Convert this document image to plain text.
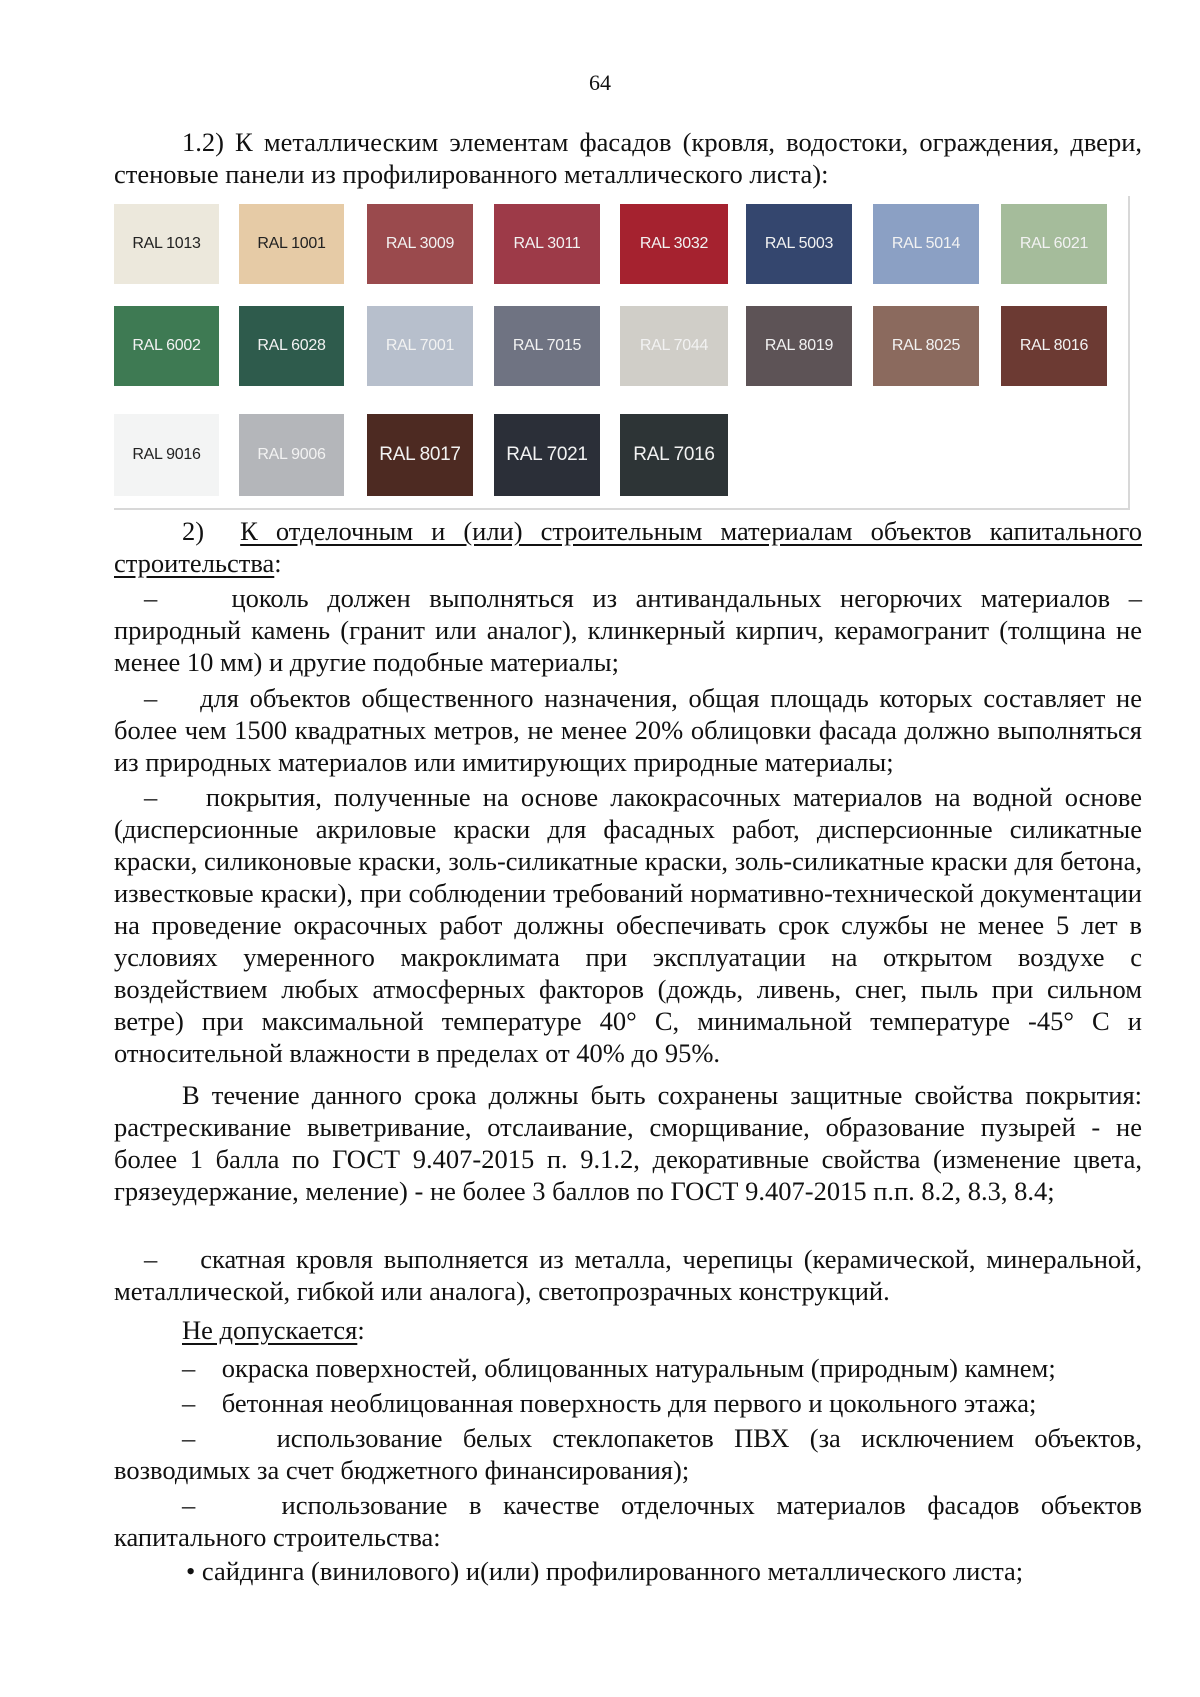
64
1.2) К металлическим элементам фасадов (кровля, водостоки, ограждения, двери, стеновые панели из профилированного металлического листа):
RAL 1013	RAL 1001	RAL 3009	RAL 3011	RAL 3032	RAL 5003	RAL 5014	RAL 6021
RAL 6002	RAL 6028	RAL 7001	RAL 7015	RAL 7044	RAL 8019	RAL 8025	RAL 8016
RAL 9016	RAL 9006	RAL 8017	RAL 7021	RAL 7016
2) К отделочным и (или) строительным материалам объектов капитального строительства:
–	цоколь должен выполняться из антивандальных негорючих материалов – природный камень (гранит или аналог), клинкерный кирпич, керамогранит (толщина не менее 10 мм) и другие подобные материалы;
– для объектов общественного назначения, общая площадь которых составляет не более чем 1500 квадратных метров, не менее 20% облицовки фасада должно выполняться из природных материалов или имитирующих природные материалы;
– покрытия, полученные на основе лакокрасочных материалов на водной основе (дисперсионные акриловые краски для фасадных работ, дисперсионные силикатные краски, силиконовые краски, золь-силикатные краски, золь-силикатные краски для бетона, известковые краски), при соблюдении требований нормативно-технической документации на проведение окрасочных работ должны обеспечивать срок службы не менее 5 лет в условиях умеренного макроклимата при эксплуатации на открытом воздухе с воздействием любых атмосферных факторов (дождь, ливень, снег, пыль при сильном ветре) при максимальной температуре 40° С, минимальной температуре -45° С и относительной влажности в пределах от 40% до 95%.
В течение данного срока должны быть сохранены защитные свойства покрытия: растрескивание выветривание, отслаивание, сморщивание, образование пузырей - не более 1 балла по ГОСТ 9.407-2015 п. 9.1.2, декоративные свойства (изменение цвета, грязеудержание, меление) - не более 3 баллов по ГОСТ 9.407-2015 п.п. 8.2, 8.3, 8.4;
– скатная кровля выполняется из металла, черепицы (керамической, минеральной, металлической, гибкой или аналога), светопрозрачных конструкций.
Не допускается:
– окраска поверхностей, облицованных натуральным (природным) камнем;
– бетонная необлицованная поверхность для первого и цокольного этажа;
–	использование белых стеклопакетов ПВХ (за исключением объектов, возводимых за счет бюджетного финансирования);
–	использование в качестве отделочных материалов фасадов объектов капитального строительства:
• сайдинга (винилового) и(или) профилированного металлического листа;
